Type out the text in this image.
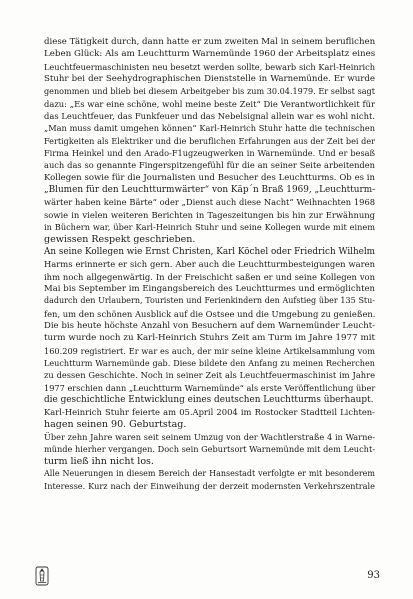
diese Tätigkeit durch, dann hatte er zum zweiten Mal in seinem beruflichen
Leben Glück: Als am Leuchtturm Warnemünde 1960 der Arbeitsplatz eines
Leuchtfeuermaschinisten neu besetzt werden sollte, bewarb sich Karl-Heinrich
Stuhr bei der Seehydrographischen Dienststelle in Warnemünde. Er wurde
genommen und blieb bei diesem Arbeitgeber bis zum 30.04.1979. Er selbst sagt
dazu: „Es war eine schöne, wohl meine beste Zeit“ Die Verantwortlichkeit für
das Leuchtfeuer, das Funkfeuer und das Nebelsignal allein war es wohl nicht.
„Man muss damit umgehen können“ Karl-Heinrich Stuhr hatte die technischen
Fertigkeiten als Elektriker und die beruflichen Erfahrungen aus der Zeit bei der
Firma Heinkel und den Arado-F1ugzeugwerken in Warnemünde. Und er besaß
auch das so genannte Fingerspitzengefühl für die an seiner Seite arbeitenden
Kollegen sowie für die Journalisten und Besucher des Leuchtturms. Ob es in
„Blumen für den Leuchtturmwärter“ von Käp´n Braß 1969, „Leuchtturm-
wärter haben keine Bärte“ oder „Dienst auch diese Nacht“ Weihnachten 1968
sowie in vielen weiteren Berichten in Tageszeitungen bis hin zur Erwähnung
in Büchern war, über Karl-Heinrich Stuhr und seine Kollegen wurde mit einem
gewissen Respekt geschrieben.
An seine Kollegen wie Ernst Christen, Karl Köchel oder Friedrich Wilhelm
Harms erinnerte er sich gern. Aber auch die Leuchtturmbesteigungen waren
ihm noch allgegenwärtig. In der Freischicht saßen er und seine Kollegen von
Mai bis September im Eingangsbereich des Leuchtturmes und ermöglichten
dadurch den Urlaubern, Touristen und Ferienkindern den Aufstieg über 135 Stu-
fen, um den schönen Ausblick auf die Ostsee und die Umgebung zu genießen.
Die bis heute höchste Anzahl von Besuchern auf dem Warnemünder Leucht-
turm wurde noch zu Karl-Heinrich Stuhrs Zeit am Turm im Jahre 1977 mit
160.209 registriert. Er war es auch, der mir seine kleine Artikelsammlung vom
Leuchtturm Warnemünde gab. Diese bildete den Anfang zu meinen Recherchen
zu dessen Geschichte. Noch in seiner Zeit als Leuchtfeuermaschinist im Jahre
1977 erschien dann „Leuchtturm Warnemünde“ als erste Veröffentlichung über
die geschichtliche Entwicklung eines deutschen Leuchtturms überhaupt.
Karl-Heinrich Stuhr feierte am 05.April 2004 im Rostocker Stadtteil Lichten-
hagen seinen 90. Geburtstag.
Über zehn Jahre waren seit seinem Umzug von der Wachtlerstraße 4 in Warne-
münde hierher vergangen. Doch sein Geburtsort Warnemünde mit dem Leucht-
turm ließ ihn nicht los.
Alle Neuerungen in diesem Bereich der Hansestadt verfolgte er mit besonderem
Interesse. Kurz nach der Einweihung der derzeit modernsten Verkehrszentrale
93
